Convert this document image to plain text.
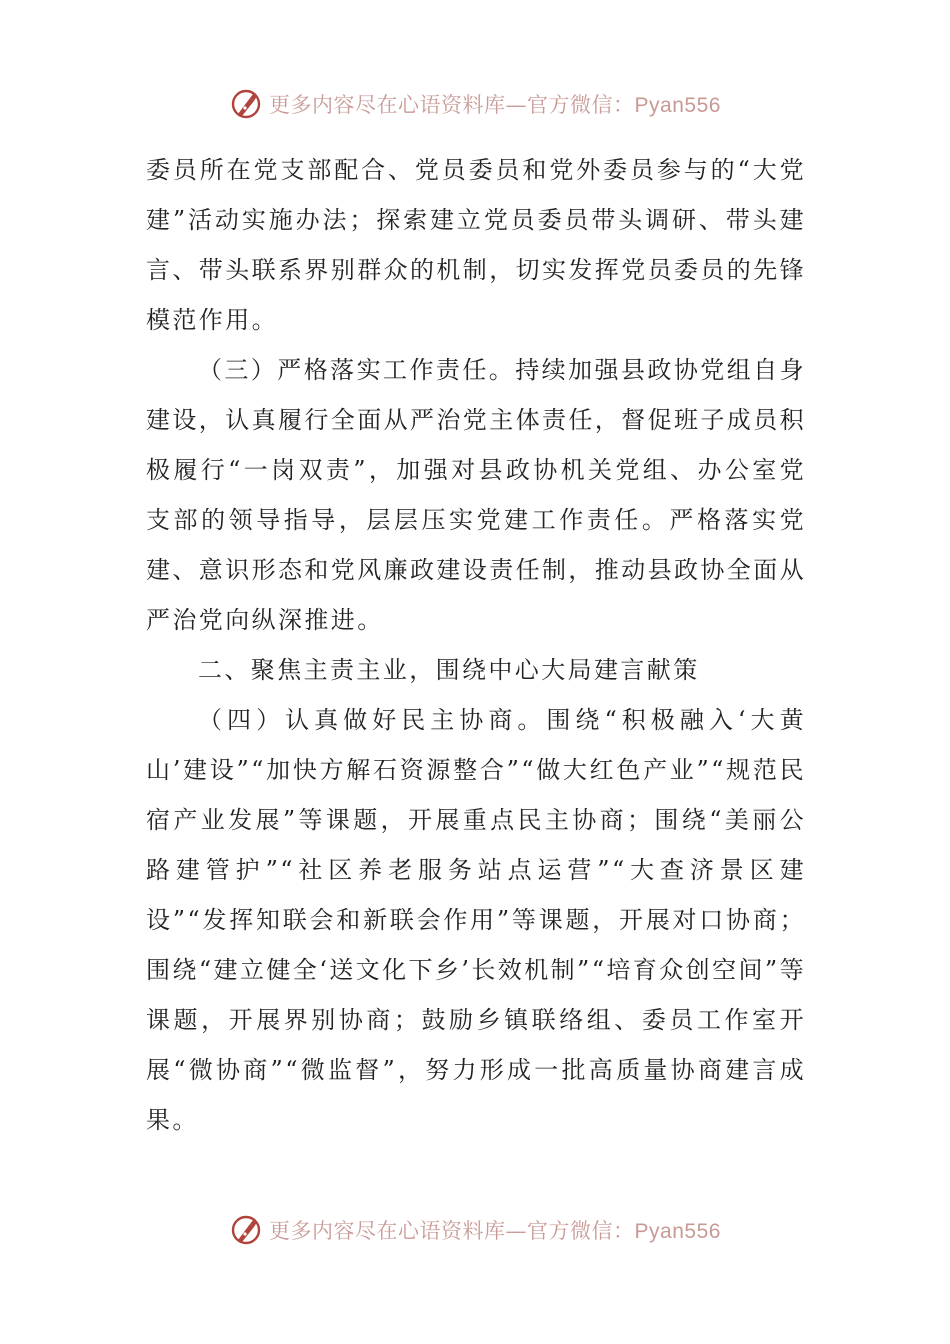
更多内容尽在心语资料库—官方微信：Pyan556

委员所在党支部配合、党员委员和党外委员参与的“大党建”活动实施办法；探索建立党员委员带头调研、带头建言、带头联系界别群众的机制，切实发挥党员委员的先锋模范作用。

（三）严格落实工作责任。持续加强县政协党组自身建设，认真履行全面从严治党主体责任，督促班子成员积极履行“一岗双责”，加强对县政协机关党组、办公室党支部的领导指导，层层压实党建工作责任。严格落实党建、意识形态和党风廉政建设责任制，推动县政协全面从严治党向纵深推进。

二、聚焦主责主业，围绕中心大局建言献策

（四）认真做好民主协商。围绕“积极融入‘大黄山’建设”“加快方解石资源整合”“做大红色产业”“规范民宿产业发展”等课题，开展重点民主协商；围绕“美丽公路建管护”“社区养老服务站点运营”“大查济景区建设”“发挥知联会和新联会作用”等课题，开展对口协商；围绕“建立健全‘送文化下乡’长效机制”“培育众创空间”等课题，开展界别协商；鼓励乡镇联络组、委员工作室开展“微协商”“微监督”，努力形成一批高质量协商建言成果。

更多内容尽在心语资料库—官方微信：Pyan556
